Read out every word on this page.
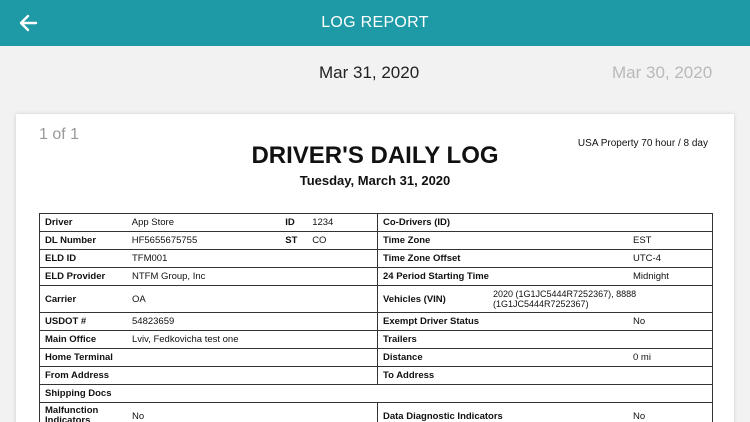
LOG REPORT
Mar 31, 2020	Mar 30, 2020
1 of 1
USA Property 70 hour / 8 day
DRIVER'S DAILY LOG
Tuesday, March 31, 2020
Driver App Store ID 1234	Co-Drivers (ID)

DL Number HF5655675755 ST CO	Time Zone EST

ELD ID TFM001	Time Zone Offset UTC-4

ELD Provider NTFM Group, Inc	24 Period Starting Time Midnight

Carrier OA	Vehicles (VIN) 2020 (1G1JC5444R7252367), 8888 (1G1JC5444R7252367)

USDOT # 54823659	Exempt Driver Status No

Main Office Lviv, Fedkovicha test one	Trailers

Home Terminal	Distance 0 mi

From Address	To Address

Shipping Docs	

Malfunction Indicators No	Data Diagnostic Indicators No
